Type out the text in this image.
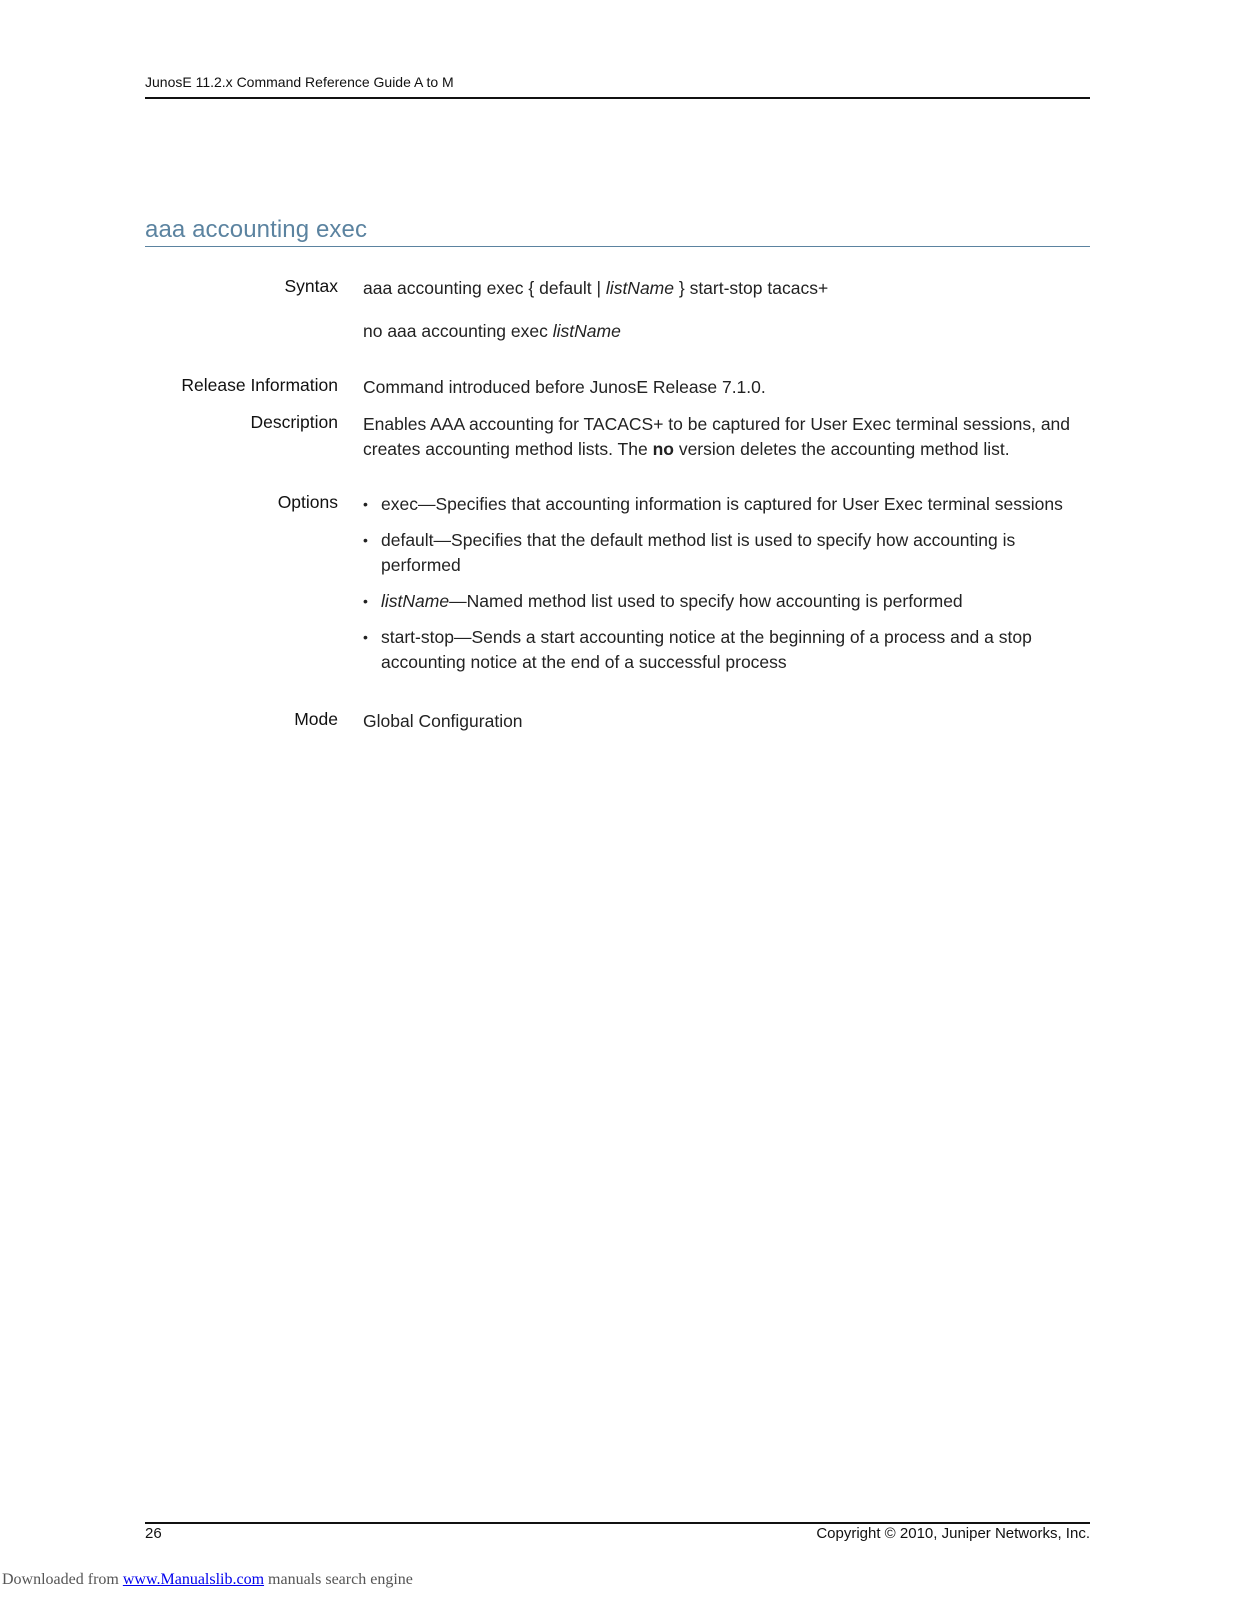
JunosE 11.2.x Command Reference Guide A to M
aaa accounting exec
Syntax aaa accounting exec { default | listName } start-stop tacacs+
no aaa accounting exec listName
Release Information Command introduced before JunosE Release 7.1.0.
Description Enables AAA accounting for TACACS+ to be captured for User Exec terminal sessions, and creates accounting method lists. The no version deletes the accounting method list.
Options • exec—Specifies that accounting information is captured for User Exec terminal sessions
• default—Specifies that the default method list is used to specify how accounting is performed
• listName—Named method list used to specify how accounting is performed
• start-stop—Sends a start accounting notice at the beginning of a process and a stop accounting notice at the end of a successful process
Mode Global Configuration
26	Copyright © 2010, Juniper Networks, Inc.
Downloaded from www.Manualslib.com manuals search engine
